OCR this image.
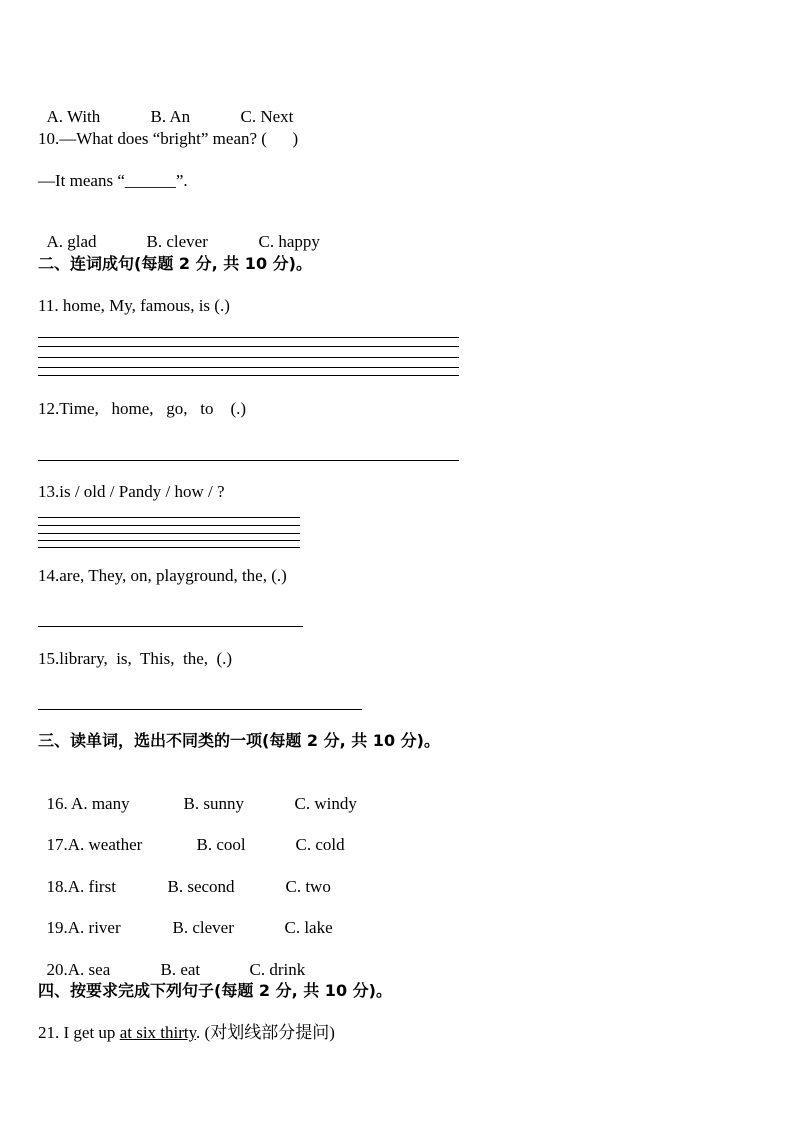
A. With	B. An	C. Next

10.—What does “bright” mean? (      )
—It means “______”.

A. glad	B. clever	C. happy

二、连词成句(每题 2 分, 共 10 分)。
11. home, My, famous, is (.)
12.Time,   home,   go,   to    (.)
13.is / old / Pandy / how / ?
14.are, They, on, playground, the, (.)
15.library,  is,  This,  the,  (.)
三、读单词，选出不同类的一项(每题 2 分, 共 10 分)。

16. A. many	B. sunny	C. windy

17.A. weather	B. cool	C. cold

18.A. first	B. second	C. two

19.A. river	B. clever	C. lake

20.A. sea	B. eat	C. drink

四、按要求完成下列句子(每题 2 分, 共 10 分)。
21. I get up at six thirty. (对划线部分提问)
